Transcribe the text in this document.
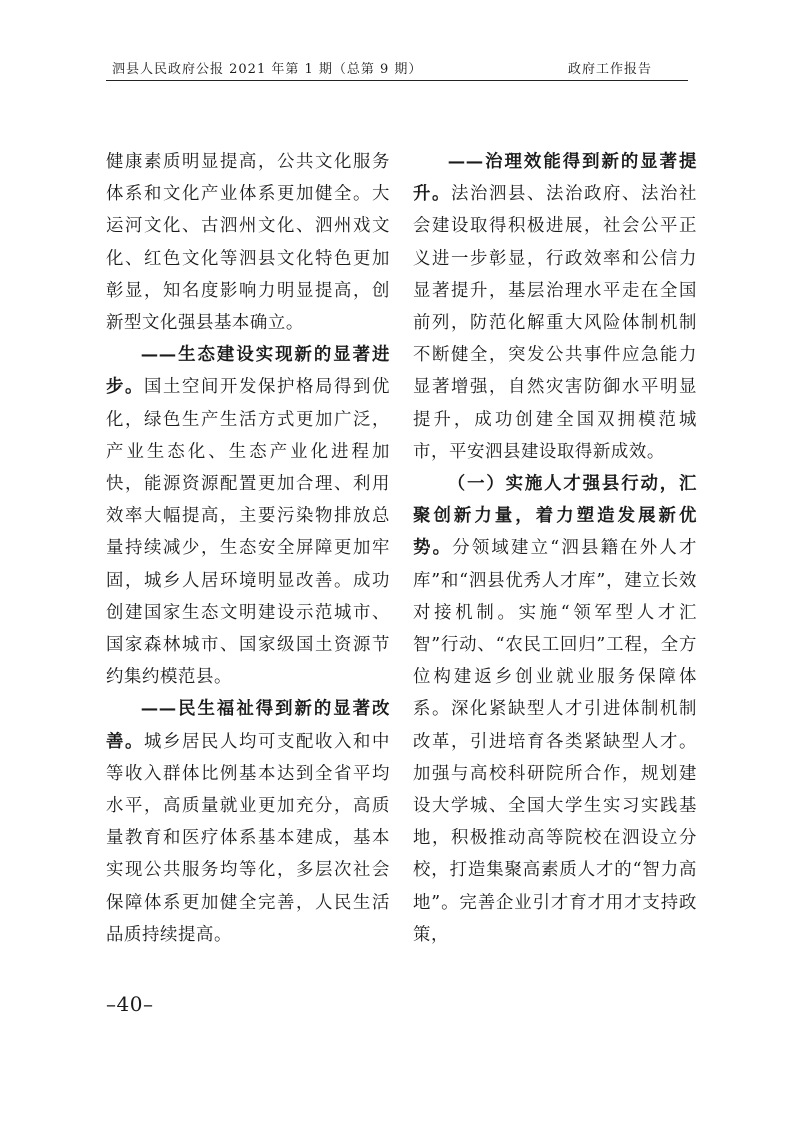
泗县人民政府公报 2021 年第 1 期（总第 9 期）	政府工作报告

健康素质明显提高，公共文化服务体系和文化产业体系更加健全。大运河文化、古泗州文化、泗州戏文化、红色文化等泗县文化特色更加彰显，知名度影响力明显提高，创新型文化强县基本确立。

——生态建设实现新的显著进步。国土空间开发保护格局得到优化，绿色生产生活方式更加广泛，产业生态化、生态产业化进程加快，能源资源配置更加合理、利用效率大幅提高，主要污染物排放总量持续减少，生态安全屏障更加牢固，城乡人居环境明显改善。成功创建国家生态文明建设示范城市、国家森林城市、国家级国土资源节约集约模范县。

——民生福祉得到新的显著改善。城乡居民人均可支配收入和中等收入群体比例基本达到全省平均水平，高质量就业更加充分，高质量教育和医疗体系基本建成，基本实现公共服务均等化，多层次社会保障体系更加健全完善，人民生活品质持续提高。

——治理效能得到新的显著提升。法治泗县、法治政府、法治社会建设取得积极进展，社会公平正义进一步彰显，行政效率和公信力显著提升，基层治理水平走在全国前列，防范化解重大风险体制机制不断健全，突发公共事件应急能力显著增强，自然灾害防御水平明显提升，成功创建全国双拥模范城市，平安泗县建设取得新成效。

（一）实施人才强县行动，汇聚创新力量，着力塑造发展新优势。分领域建立“泗县籍在外人才库”和“泗县优秀人才库”，建立长效对接机制。实施“领军型人才汇智”行动、“农民工回归”工程，全方位构建返乡创业就业服务保障体系。深化紧缺型人才引进体制机制改革，引进培育各类紧缺型人才。加强与高校科研院所合作，规划建设大学城、全国大学生实习实践基地，积极推动高等院校在泗设立分校，打造集聚高素质人才的“智力高地”。完善企业引才育才用才支持政策，

–40–
